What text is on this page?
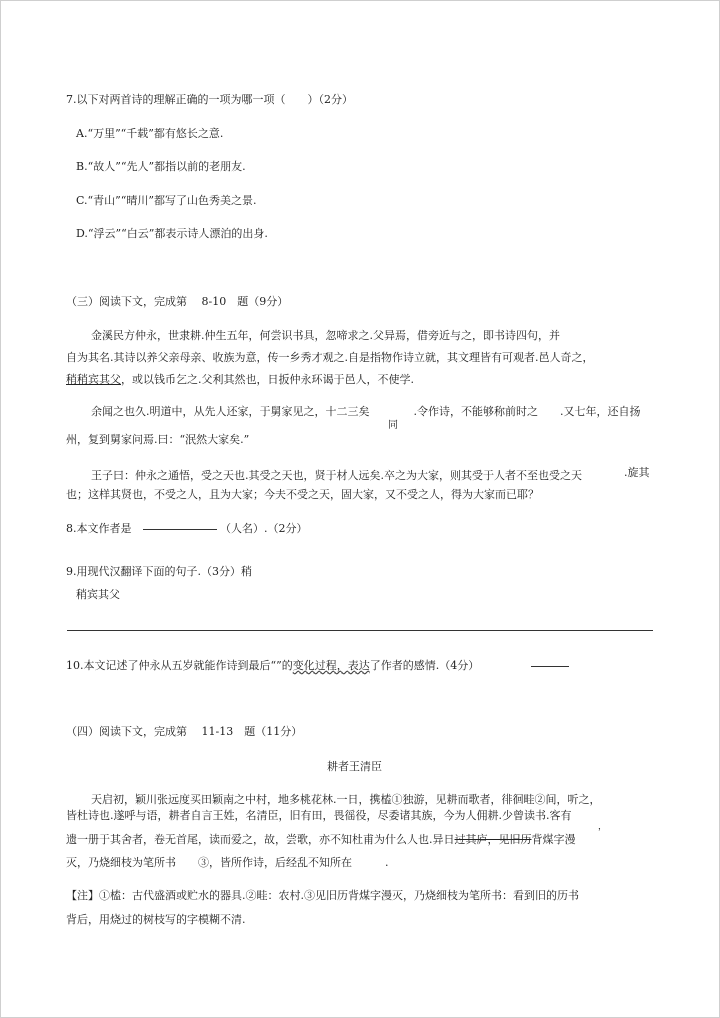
7.以下对两首诗的理解正确的一项为哪一项（　　）（2分）
A.“万里”“千载”都有悠长之意.
B.“故人”“先人”都指以前的老朋友.
C.“青山”“晴川”都写了山色秀美之景.
D.“浮云”“白云”都表示诗人漂泊的出身.
（三）阅读下文，完成第　 8-10　题（9分）
金溪民方仲永，世隶耕.仲生五年，何尝识书具，忽啼求之.父异焉，借旁近与之，即书诗四句，并
自为其名.其诗以养父亲母亲、收族为意，传一乡秀才观之.自是指物作诗立就，其文理皆有可观者.邑人奇之，
稍稍宾其父，或以钱币乞之.父利其然也，日扳仲永环谒于邑人，不使学.
余闻之也久.明道中，从先人还家，于舅家见之，十二三矣　　　　.令作诗，不能够称前时之　　.又七年，还自扬
同
州，复到舅家问焉.曰：“泯然大家矣.”
王子曰：仲永之通悟，受之天也.其受之天也，贤于材人远矣.卒之为大家，则其受于人者不至也受之天	.旋其
也；这样其贤也，不受之人，且为大家；今夫不受之天，固大家，又不受之人，得为大家而已耶？
8.本文作者是	（人名）.（2分）
9.用现代汉翻译下面的句子.（3分）稍
稍宾其父
10.本文记述了仲永从五岁就能作诗到最后“”的变化过程，表达了作者的感情.（4分）
（四）阅读下文，完成第　 11-13　题（11分）
耕者王清臣
天启初，颖川张远度买田颖南之中村，地多桃花林.一日，携榼①独游，见耕而歌者，徘徊畦②间，听之，
皆杜诗也.遂呼与语，耕者自言王姓，名清臣，旧有田，畏徭役，尽委诸其族，今为人佣耕.少曾读书.客有
，
遗一册于其舍者，卷无首尾，读而爱之，故，尝歌，亦不知杜甫为什么人也.异日过其庐，见旧历背煤字漫
灭，乃烧细枝为笔所书　　③，皆所作诗，后经乱不知所在　　　.
【注】①榼：古代盛酒或贮水的器具.②畦：农村.③见旧历背煤字漫灭，乃烧细枝为笔所书：看到旧的历书
背后，用烧过的树枝写的字模糊不清.
